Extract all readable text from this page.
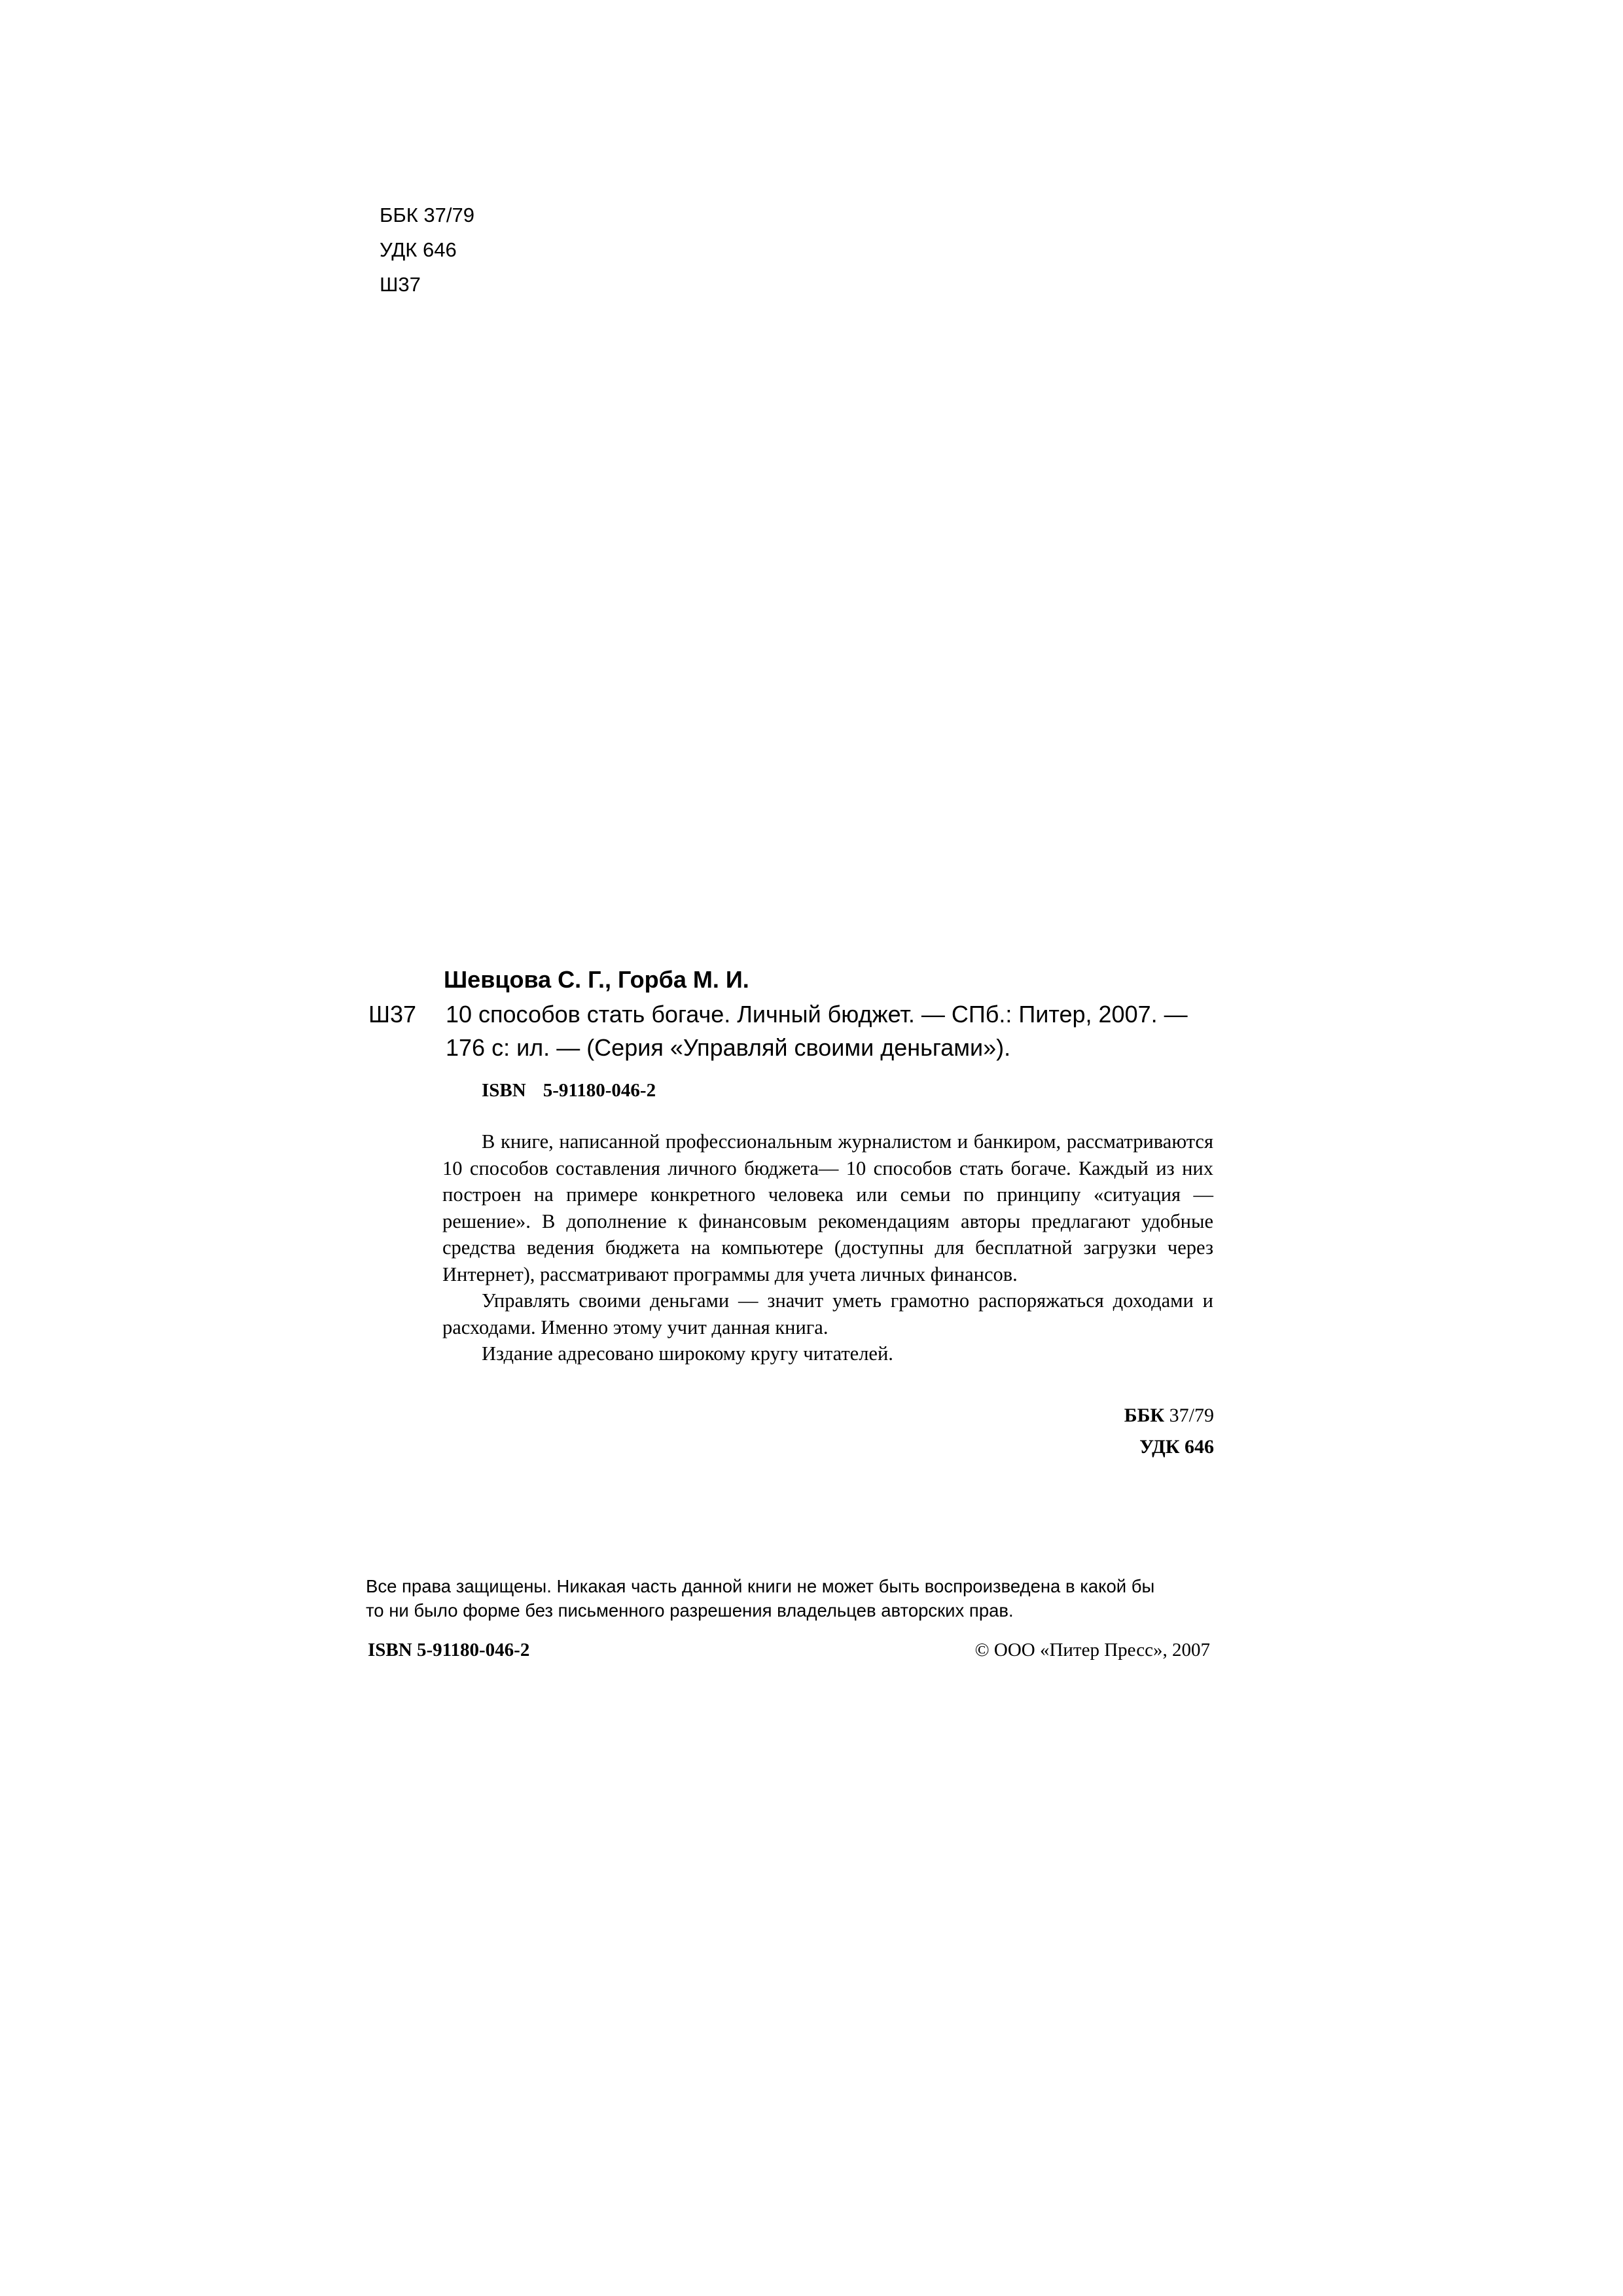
ББК 37/79
УДК 646
Ш37
Шевцова С. Г., Горба М. И.
Ш37 10 способов стать богаче. Личный бюджет. — СПб.: Питер, 2007. —
176 с: ил. — (Серия «Управляй своими деньгами»).
ISBN 5-91180-046-2

В книге, написанной профессиональным журналистом и банкиром, рассматриваются 10 способов составления личного бюджета— 10 способов стать богаче. Каждый из них построен на примере конкретного человека или семьи по принципу «ситуация — решение». В дополнение к финансовым рекомендациям авторы предлагают удобные средства ведения бюджета на компьютере (доступны для бесплатной загрузки через Интернет), рассматривают программы для учета личных финансов.

Управлять своими деньгами — значит уметь грамотно распоряжаться доходами и расходами. Именно этому учит данная книга.

Издание адресовано широкому кругу читателей.

ББК 37/79
УДК 646
Все права защищены. Никакая часть данной книги не может быть воспроизведена в какой бы
то ни было форме без письменного разрешения владельцев авторских прав.
ISBN 5-91180-046-2	© ООО «Питер Пресс», 2007
